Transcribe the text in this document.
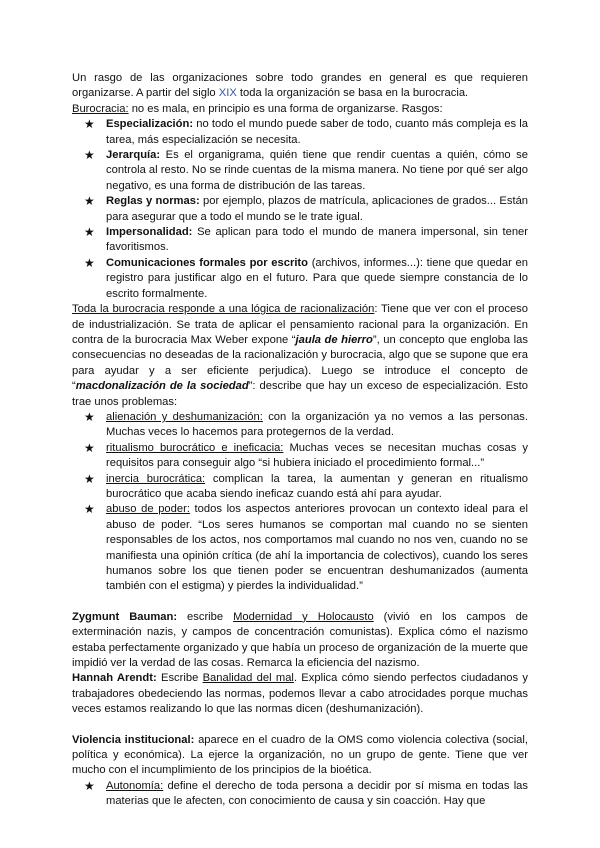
Un rasgo de las organizaciones sobre todo grandes en general es que requieren organizarse. A partir del siglo XIX toda la organización se basa en la burocracia.

Burocracia: no es mala, en principio es una forma de organizarse. Rasgos:

★ Especialización: no todo el mundo puede saber de todo, cuanto más compleja es la tarea, más especialización se necesita.
★ Jerarquía: Es el organigrama, quién tiene que rendir cuentas a quién, cómo se controla al resto. No se rinde cuentas de la misma manera. No tiene por qué ser algo negativo, es una forma de distribución de las tareas.
★ Reglas y normas: por ejemplo, plazos de matrícula, aplicaciones de grados... Están para asegurar que a todo el mundo se le trate igual.
★ Impersonalidad: Se aplican para todo el mundo de manera impersonal, sin tener favoritismos.
★ Comunicaciones formales por escrito (archivos, informes...): tiene que quedar en registro para justificar algo en el futuro. Para que quede siempre constancia de lo escrito formalmente.

Toda la burocracia responde a una lógica de racionalización: Tiene que ver con el proceso de industrialización. Se trata de aplicar el pensamiento racional para la organización. En contra de la burocracia Max Weber expone “jaula de hierro”, un concepto que engloba las consecuencias no deseadas de la racionalización y burocracia, algo que se supone que era para ayudar y a ser eficiente perjudica). Luego se introduce el concepto de “macdonalización de la sociedad”: describe que hay un exceso de especialización. Esto trae unos problemas:

★ alienación y deshumanización: con la organización ya no vemos a las personas. Muchas veces lo hacemos para protegernos de la verdad.
★ ritualismo burocrático e ineficacia: Muchas veces se necesitan muchas cosas y requisitos para conseguir algo “si hubiera iniciado el procedimiento formal...”
★ inercia burocrática: complican la tarea, la aumentan y generan en ritualismo burocrático que acaba siendo ineficaz cuando está ahí para ayudar.
★ abuso de poder: todos los aspectos anteriores provocan un contexto ideal para el abuso de poder. “Los seres humanos se comportan mal cuando no se sienten responsables de los actos, nos comportamos mal cuando no nos ven, cuando no se manifiesta una opinión crítica (de ahí la importancia de colectivos), cuando los seres humanos sobre los que tienen poder se encuentran deshumanizados (aumenta también con el estigma) y pierdes la individualidad.”

Zygmunt Bauman: escribe Modernidad y Holocausto (vivió en los campos de exterminación nazis, y campos de concentración comunistas). Explica cómo el nazismo estaba perfectamente organizado y que había un proceso de organización de la muerte que impidió ver la verdad de las cosas. Remarca la eficiencia del nazismo.

Hannah Arendt: Escribe Banalidad del mal. Explica cómo siendo perfectos ciudadanos y trabajadores obedeciendo las normas, podemos llevar a cabo atrocidades porque muchas veces estamos realizando lo que las normas dicen (deshumanización).

Violencia institucional: aparece en el cuadro de la OMS como violencia colectiva (social, política y económica). La ejerce la organización, no un grupo de gente. Tiene que ver mucho con el incumplimiento de los principios de la bioética.

★ Autonomía: define el derecho de toda persona a decidir por sí misma en todas las materias que le afecten, con conocimiento de causa y sin coacción. Hay que
